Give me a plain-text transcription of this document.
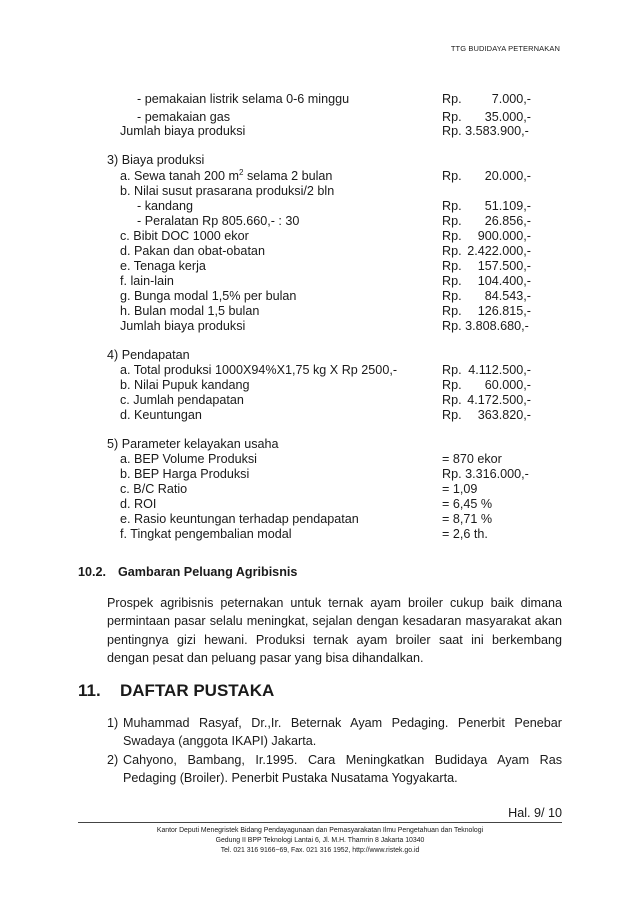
TTG BUDIDAYA PETERNAKAN
- pemakaian listrik selama 0-6 minggu	Rp.	7.000,-
- pemakaian gas	Rp.	35.000,-
Jumlah biaya produksi	Rp. 3.583.900,-
3) Biaya produksi
a. Sewa tanah 200 $m^2$ selama 2 bulan	Rp.	20.000,-
b. Nilai susut prasarana produksi/2 bln
- kandang	Rp.	51.109,-
- Peralatan Rp 805.660,- : 30	Rp.	26.856,-
c. Bibit DOC 1000 ekor	Rp.	900.000,-
d. Pakan dan obat-obatan	Rp. 2.422.000,-
e. Tenaga kerja	Rp.	157.500,-
f. lain-lain	Rp.	104.400,-
g. Bunga modal 1,5% per bulan	Rp.	84.543,-
h. Bulan modal 1,5 bulan	Rp.	126.815,-
Jumlah biaya produksi	Rp. 3.808.680,-
4) Pendapatan
a. Total produksi 1000X94%X1,75 kg X Rp 2500,-	Rp. 4.112.500,-
b. Nilai Pupuk kandang	Rp.	60.000,-
c. Jumlah pendapatan	Rp. 4.172.500,-
d. Keuntungan	Rp.	363.820,-
5) Parameter kelayakan usaha
a. BEP Volume Produksi	= 870 ekor
b. BEP Harga Produksi	Rp. 3.316.000,-
c. B/C Ratio	= 1,09
d. ROI	= 6,45 %
e. Rasio keuntungan terhadap pendapatan	= 8,71 %
f. Tingkat pengembalian modal	= 2,6 th.
10.2. Gambaran Peluang Agribisnis
Prospek agribisnis peternakan untuk ternak ayam broiler cukup baik dimana permintaan pasar selalu meningkat, sejalan dengan kesadaran masyarakat akan pentingnya gizi hewani. Produksi ternak ayam broiler saat ini berkembang dengan pesat dan peluang pasar yang bisa dihandalkan.
11. DAFTAR PUSTAKA
1) Muhammad Rasyaf, Dr.,Ir. Beternak Ayam Pedaging. Penerbit Penebar Swadaya (anggota IKAPI) Jakarta.
2) Cahyono, Bambang, Ir.1995. Cara Meningkatkan Budidaya Ayam Ras Pedaging (Broiler). Penerbit Pustaka Nusatama Yogyakarta.
Hal. 9/ 10
Kantor Deputi Menegristek Bidang Pendayagunaan dan Pemasyarakatan Ilmu Pengetahuan dan Teknologi
Gedung II BPP Teknologi Lantai 6, Jl. M.H. Thamrin 8 Jakarta 10340
Tel. 021 316 9166~69, Fax. 021 316 1952, http://www.ristek.go.id
